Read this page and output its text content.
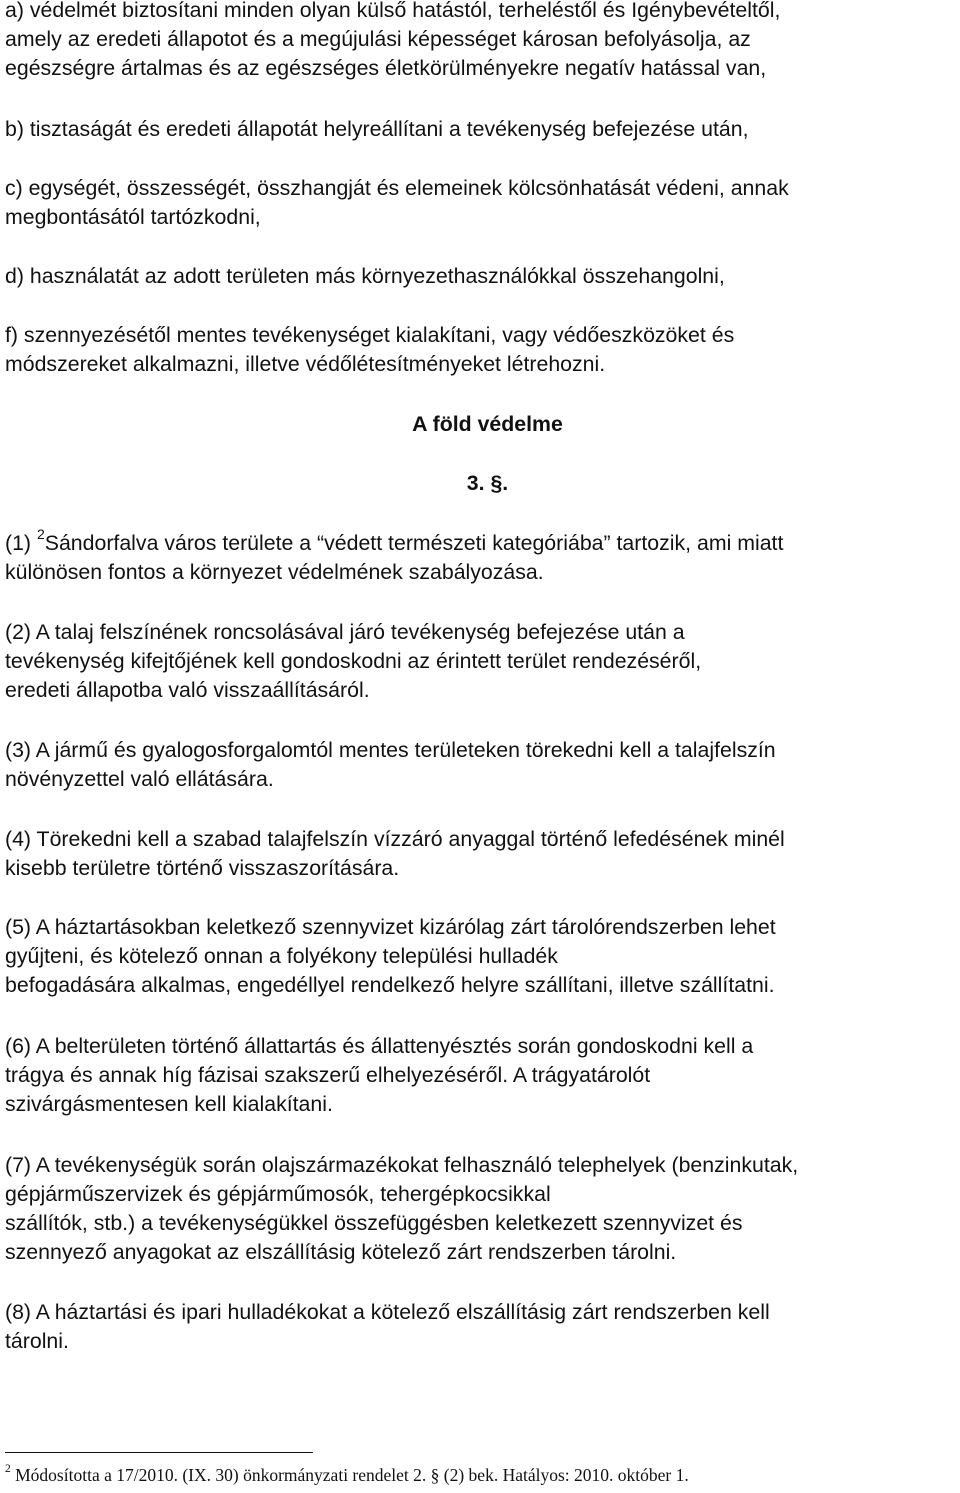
a) védelmét biztosítani minden olyan külső hatástól, terheléstől és Igénybevételtől,
amely az eredeti állapotot és a megújulási képességet károsan befolyásolja, az
egészségre ártalmas és az egészséges életkörülményekre negatív hatással van,
b) tisztaságát és eredeti állapotát helyreállítani a tevékenység befejezése után,
c) egységét, összességét, összhangját és elemeinek kölcsönhatását védeni, annak
megbontásától tartózkodni,
d) használatát az adott területen más környezethasználókkal összehangolni,
f) szennyezésétől mentes tevékenységet kialakítani, vagy védőeszközöket és
módszereket alkalmazni, illetve védőlétesítményeket létrehozni.
A föld védelme
3. §.
(1) $^2$Sándorfalva város területe a “védett természeti kategóriába” tartozik, ami miatt
különösen fontos a környezet védelmének szabályozása.
(2) A talaj felszínének roncsolásával járó tevékenység befejezése után a
tevékenység kifejtőjének kell gondoskodni az érintett terület rendezéséről,
eredeti állapotba való visszaállításáról.
(3) A jármű és gyalogosforgalomtól mentes területeken törekedni kell a talajfelszín
növényzettel való ellátására.
(4) Törekedni kell a szabad talajfelszín vízzáró anyaggal történő lefedésének minél
kisebb területre történő visszaszorítására.
(5) A háztartásokban keletkező szennyvizet kizárólag zárt tárolórendszerben lehet
gyűjteni, és kötelező onnan a folyékony települési hulladék
befogadására alkalmas, engedéllyel rendelkező helyre szállítani, illetve szállítatni.
(6) A belterületen történő állattartás és állattenyésztés során gondoskodni kell a
trágya és annak híg fázisai szakszerű elhelyezéséről. A trágyatárolót
szivárgásmentesen kell kialakítani.
(7) A tevékenységük során olajszármazékokat felhasználó telephelyek (benzinkutak,
gépjárműszervizek és gépjárműmosók, tehergépkocsikkal
szállítók, stb.) a tevékenységükkel összefüggésben keletkezett szennyvizet és
szennyező anyagokat az elszállításig kötelező zárt rendszerben tárolni.
(8) A háztartási és ipari hulladékokat a kötelező elszállításig zárt rendszerben kell
tárolni.
$^2$ Módosította a 17/2010. (IX. 30) önkormányzati rendelet 2. § (2) bek. Hatályos: 2010. október 1.
